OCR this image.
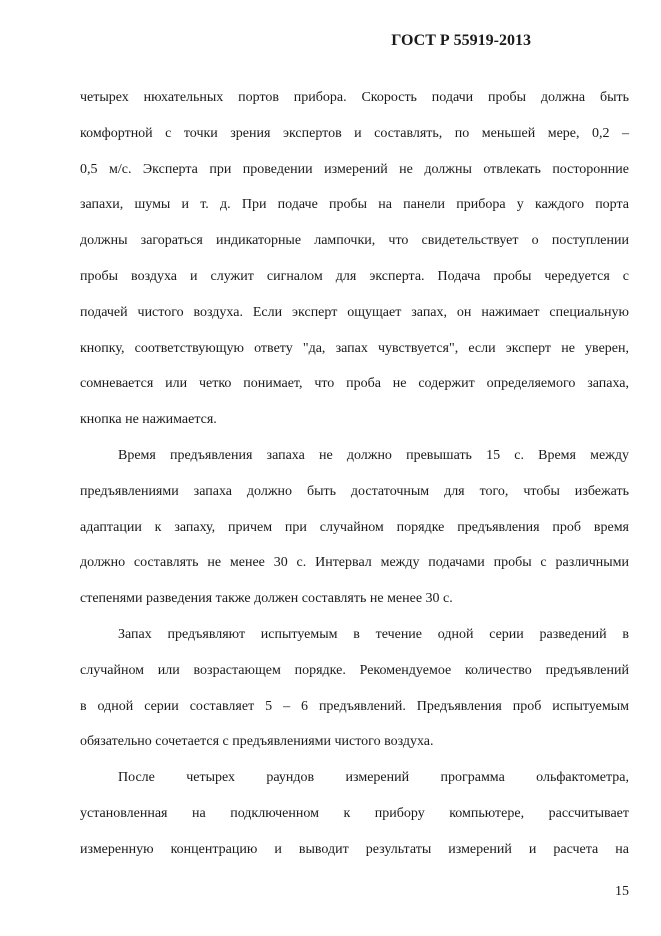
ГОСТ Р 55919-2013

четырех нюхательных портов прибора. Скорость подачи пробы должна быть
комфортной с точки зрения экспертов и составлять, по меньшей мере, 0,2 –
0,5 м/с. Эксперта при проведении измерений не должны отвлекать посторонние
запахи, шумы и т. д. При подаче пробы на панели прибора у каждого порта
должны загораться индикаторные лампочки, что свидетельствует о поступлении
пробы воздуха и служит сигналом для эксперта. Подача пробы чередуется с
подачей чистого воздуха. Если эксперт ощущает запах, он нажимает специальную
кнопку, соответствующую ответу "да, запах чувствуется", если эксперт не уверен,
сомневается или четко понимает, что проба не содержит определяемого запаха,
кнопка не нажимается.

Время предъявления запаха не должно превышать 15 с. Время между
предъявлениями запаха должно быть достаточным для того, чтобы избежать
адаптации к запаху, причем при случайном порядке предъявления проб время
должно составлять не менее 30 с. Интервал между подачами пробы с различными
степенями разведения также должен составлять не менее 30 с.

Запах предъявляют испытуемым в течение одной серии разведений в
случайном или возрастающем порядке. Рекомендуемое количество предъявлений
в одной серии составляет 5 – 6 предъявлений. Предъявления проб испытуемым
обязательно сочетается с предъявлениями чистого воздуха.

После четырех раундов измерений программа ольфактометра,
установленная на подключенном к прибору компьютере, рассчитывает
измеренную концентрацию и выводит результаты измерений и расчета на

15
